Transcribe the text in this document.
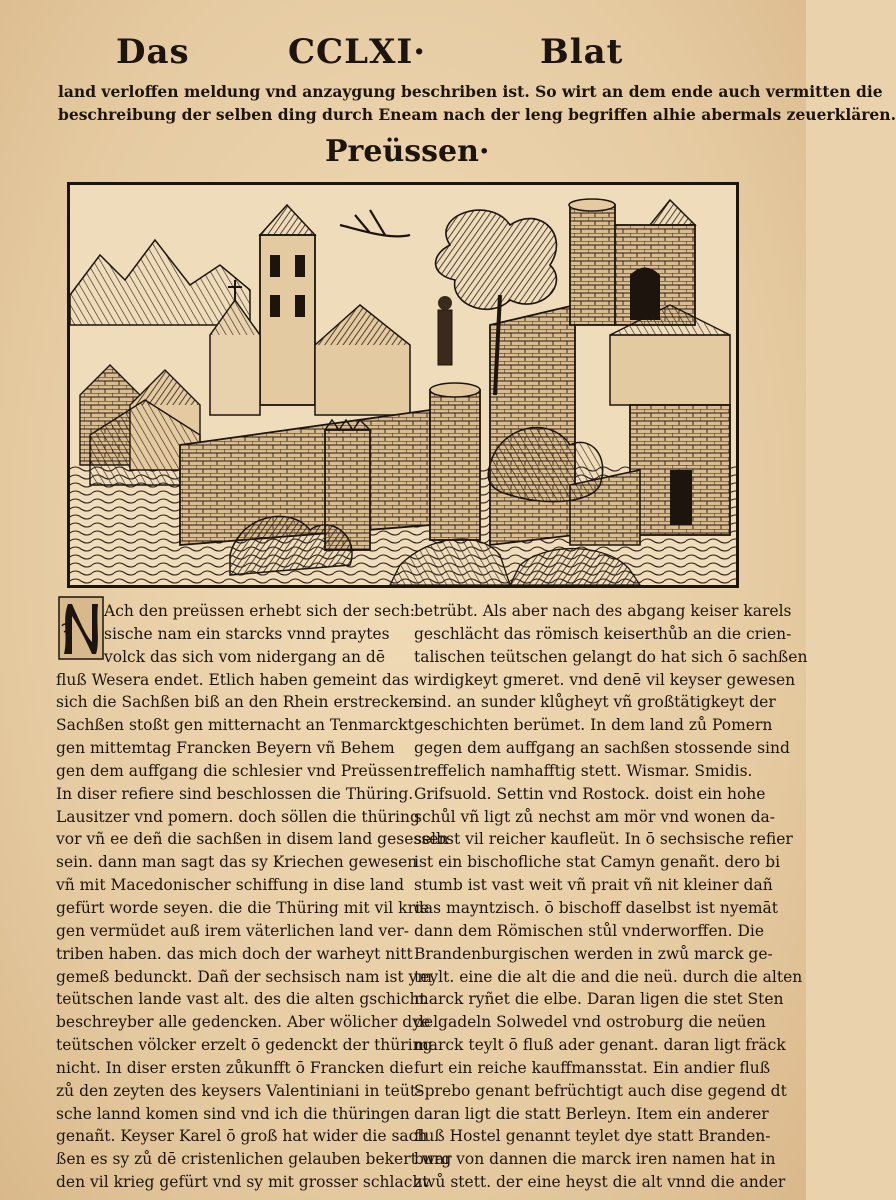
Das	CCLXI·	Blat
land verloffen meldung vnd anzaygung beschriben ist. So wirt an dem ende auch vermitten die
beschreibung der selben ding durch Eneam nach der leng begriffen alhie abermals zeuerklären.
Preüssen·
Ach den preüssen erhebt sich der sech:
sische nam ein starcks vnnd praytes
volck das sich vom nidergang an dē
fluß Wesera endet. Etlich haben gemeint das
sich die Sachßen biß an den Rhein erstrecken
Sachßen stoßt gen mitternacht an Tenmarckt
gen mittemtag Francken Beyern vñ Behem
gen dem auffgang die schlesier vnd Preüssen.
In diser refiere sind beschlossen die Thüring.
Lausitzer vnd pomern. doch söllen die thüring
vor vñ ee deñ die sachßen in disem land gesessen
sein. dann man sagt das sy Kriechen gewesen
vñ mit Macedonischer schiffung in dise land
gefürt worde seyen. die die Thüring mit vil krie
gen vermüdet auß irem väterlichen land ver-
triben haben. das mich doch der warheyt nitt
gemeß bedunckt. Dañ der sechsisch nam ist ym
teütschen lande vast alt. des die alten gschicht
beschreyber alle gedencken. Aber wölicher dye
teütschen völcker erzelt ō gedenckt der thüring
nicht. In diser ersten zůkunfft ō Francken die
zů den zeyten des keysers Valentiniani in teüt-
sche lannd komen sind vnd ich die thüringen
genañt. Keyser Karel ō groß hat wider die sach
ßen es sy zů dē cristenlichen gelauben bekert war
den vil krieg gefürt vnd sy mit grosser schlacht
betrübt. Als aber nach des abgang keiser karels
geschlächt das römisch keiserthůb an die crien-
talischen teütschen gelangt do hat sich ō sachßen
wirdigkeyt gmeret. vnd denē vil keyser gewesen
sind. an sunder klůgheyt vñ großtätigkeyt der
geschichten berümet. In dem land zů Pomern
gegen dem auffgang an sachßen stossende sind
treffelich namhafftig stett. Wismar. Smidis.
Grifsuold. Settin vnd Rostock. doist ein hohe
schůl vñ ligt zů nechst am mör vnd wonen da-
selbst vil reicher kaufleüt. In ō sechsische refier
ist ein bischofliche stat Camyn genañt. dero bi
stumb ist vast weit vñ prait vñ nit kleiner dañ
das mayntzisch. ō bischoff daselbst ist nyemāt
dann dem Römischen stůl vnderworffen. Die
Brandenburgischen werden in zwů marck ge-
teylt. eine die alt die and die neü. durch die alten
marck ryñet die elbe. Daran ligen die stet Sten
delgadeln Solwedel vnd ostroburg die neüen
marck teylt ō fluß ader genant. daran ligt fräck
furt ein reiche kauffmansstat. Ein andier fluß
Sprebo genant befrüchtigt auch dise gegend dt
daran ligt die statt Berleyn. Item ein anderer
fluß Hostel genannt teylet dye statt Branden-
burg von dannen die marck iren namen hat in
zwů stett. der eine heyst die alt vnnd die ander
